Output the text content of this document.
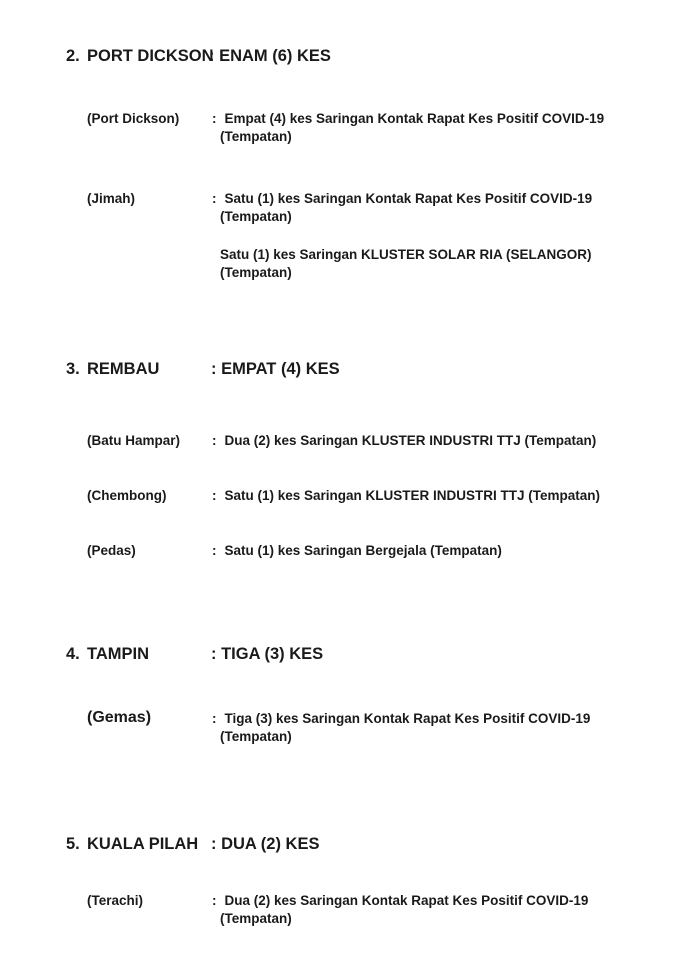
2. PORT DICKSON
: ENAM (6) KES
(Port Dickson) : Empat (4) kes Saringan Kontak Rapat Kes Positif COVID-19
(Tempatan)
(Jimah)	: Satu (1) kes Saringan Kontak Rapat Kes Positif COVID-19
(Tempatan)
Satu (1) kes Saringan KLUSTER SOLAR RIA (SELANGOR)
(Tempatan)
3. REMBAU	: EMPAT (4) KES
(Batu Hampar) : Dua (2) kes Saringan KLUSTER INDUSTRI TTJ (Tempatan)
(Chembong)	: Satu (1) kes Saringan KLUSTER INDUSTRI TTJ (Tempatan)
(Pedas)	: Satu (1) kes Saringan Bergejala (Tempatan)
4. TAMPIN	: TIGA (3) KES
(Gemas)	: Tiga (3) kes Saringan Kontak Rapat Kes Positif COVID-19
(Tempatan)
5. KUALA PILAH : DUA (2) KES
(Terachi)	: Dua (2) kes Saringan Kontak Rapat Kes Positif COVID-19
(Tempatan)
